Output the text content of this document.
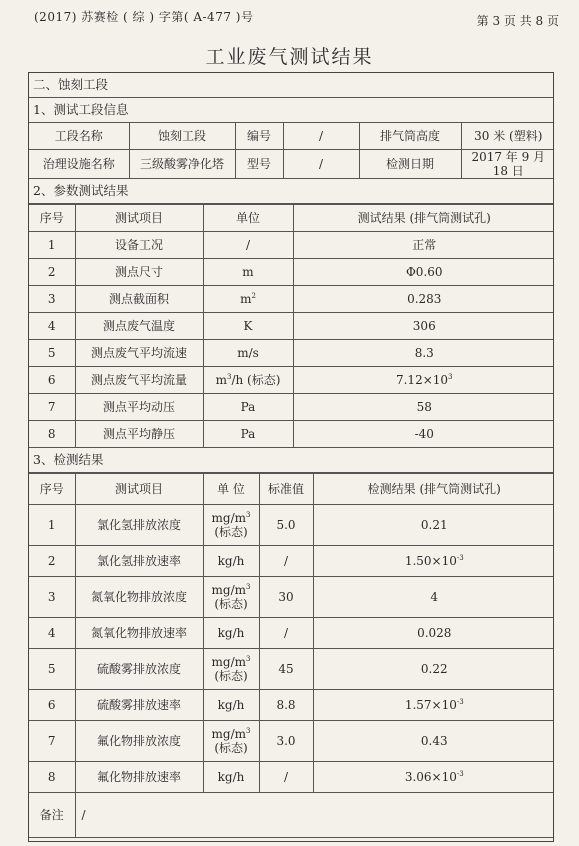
(2017) 苏赛检 ( 综 ) 字第( A-477 )号	第 3 页 共 8 页
工业废气测试结果
二、蚀刻工段					
1、测试工段信息					
工段名称	蚀刻工段	编号	/	排气筒高度	30 米 (塑料)
治理设施名称	三级酸雾净化塔	型号	/	检测日期	2017 年 9 月 18 日
2、参数测试结果					
序号	测试项目	单位	测试结果 (排气筒测试孔)
1	设备工况	/	正常
2	测点尺寸	m	Φ0.60
3	测点截面积	$m^2$	0.283
4	测点废气温度	K	306
5	测点废气平均流速	m/s	8.3
6	测点废气平均流量	$m^3/h$ (标态)	$7.12\times 10^3$
7	测点平均动压	Pa	58
8	测点平均静压	Pa	-40
3、检测结果			
序号	测试项目	单 位	标准值	检测结果 (排气筒测试孔)
1	氯化氢排放浓度	$mg/m^3$
(标态)	5.0	0.21
2	氯化氢排放速率	kg/h	/	$1.50\times 10^{-3}$
3	氮氧化物排放浓度	$mg/m^3$
(标态)	30	4
4	氮氧化物排放速率	kg/h	/	0.028
5	硫酸雾排放浓度	$mg/m^3$
(标态)	45	0.22
6	硫酸雾排放速率	kg/h	8.8	$1.57\times 10^{-3}$
7	氟化物排放浓度	$mg/m^3$
(标态)	3.0	0.43
8	氟化物排放速率	kg/h	/	$3.06\times 10^{-3}$
备注	/			
